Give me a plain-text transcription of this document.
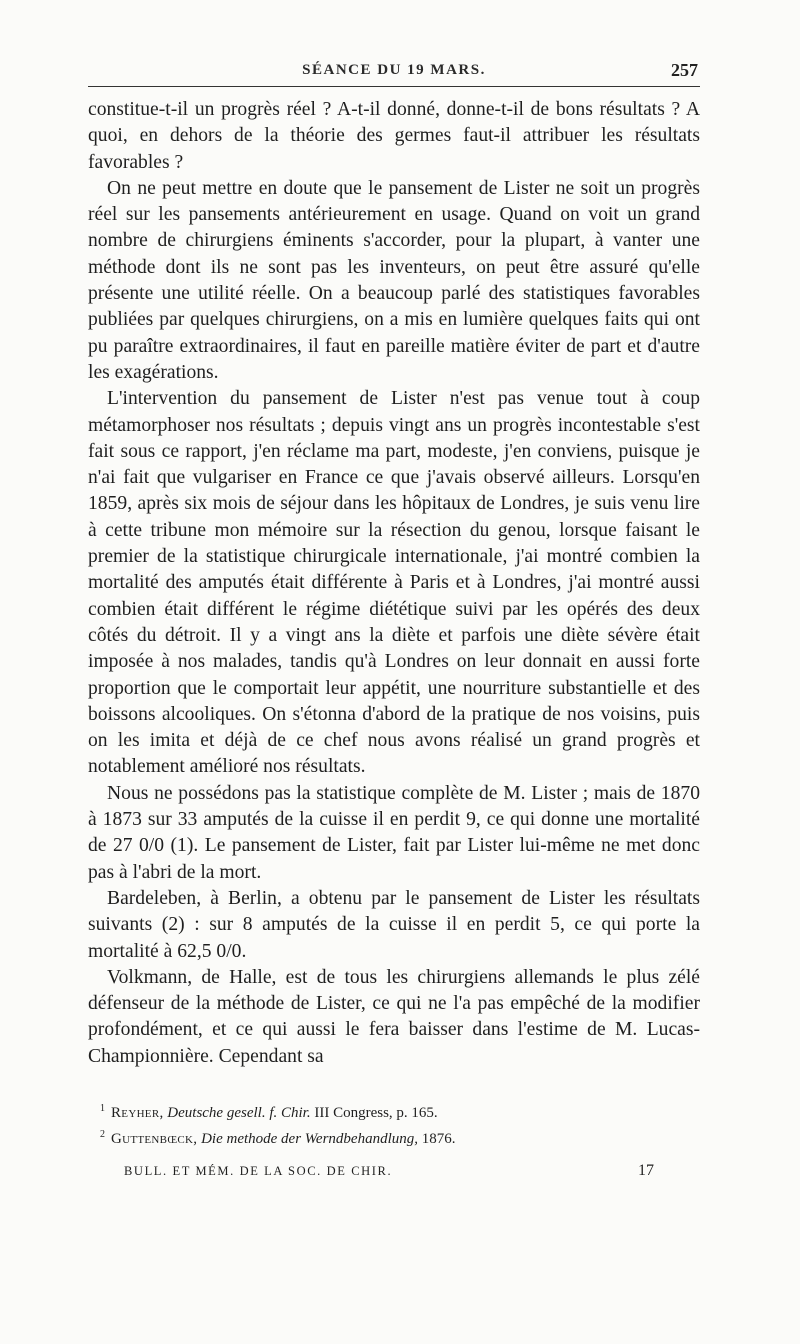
SÉANCE DU 19 MARS.	257

constitue-t-il un progrès réel ? A-t-il donné, donne-t-il de bons résultats ? A quoi, en dehors de la théorie des germes faut-il attribuer les résultats favorables ?

On ne peut mettre en doute que le pansement de Lister ne soit un progrès réel sur les pansements antérieurement en usage. Quand on voit un grand nombre de chirurgiens éminents s'accorder, pour la plupart, à vanter une méthode dont ils ne sont pas les inventeurs, on peut être assuré qu'elle présente une utilité réelle. On a beaucoup parlé des statistiques favorables publiées par quelques chirurgiens, on a mis en lumière quelques faits qui ont pu paraître extraordinaires, il faut en pareille matière éviter de part et d'autre les exagérations.

L'intervention du pansement de Lister n'est pas venue tout à coup métamorphoser nos résultats ; depuis vingt ans un progrès incontestable s'est fait sous ce rapport, j'en réclame ma part, modeste, j'en conviens, puisque je n'ai fait que vulgariser en France ce que j'avais observé ailleurs. Lorsqu'en 1859, après six mois de séjour dans les hôpitaux de Londres, je suis venu lire à cette tribune mon mémoire sur la résection du genou, lorsque faisant le premier de la statistique chirurgicale internationale, j'ai montré combien la mortalité des amputés était différente à Paris et à Londres, j'ai montré aussi combien était différent le régime diététique suivi par les opérés des deux côtés du détroit. Il y a vingt ans la diète et parfois une diète sévère était imposée à nos malades, tandis qu'à Londres on leur donnait en aussi forte proportion que le comportait leur appétit, une nourriture substantielle et des boissons alcooliques. On s'étonna d'abord de la pratique de nos voisins, puis on les imita et déjà de ce chef nous avons réalisé un grand progrès et notablement amélioré nos résultats.

Nous ne possédons pas la statistique complète de M. Lister ; mais de 1870 à 1873 sur 33 amputés de la cuisse il en perdit 9, ce qui donne une mortalité de 27 0/0 (1). Le pansement de Lister, fait par Lister lui-même ne met donc pas à l'abri de la mort.

Bardeleben, à Berlin, a obtenu par le pansement de Lister les résultats suivants (2) : sur 8 amputés de la cuisse il en perdit 5, ce qui porte la mortalité à 62,5 0/0.

Volkmann, de Halle, est de tous les chirurgiens allemands le plus zélé défenseur de la méthode de Lister, ce qui ne l'a pas empêché de la modifier profondément, et ce qui aussi le fera baisser dans l'estime de M. Lucas-Championnière. Cependant sa

$^1$ Reyher, Deutsche gesell. f. Chir. III Congress, p. 165.

$^2$ Guttenbœck, Die methode der Werndbehandlung, 1876.

BULL. ET MÉM. DE LA SOC. DE CHIR.	17
